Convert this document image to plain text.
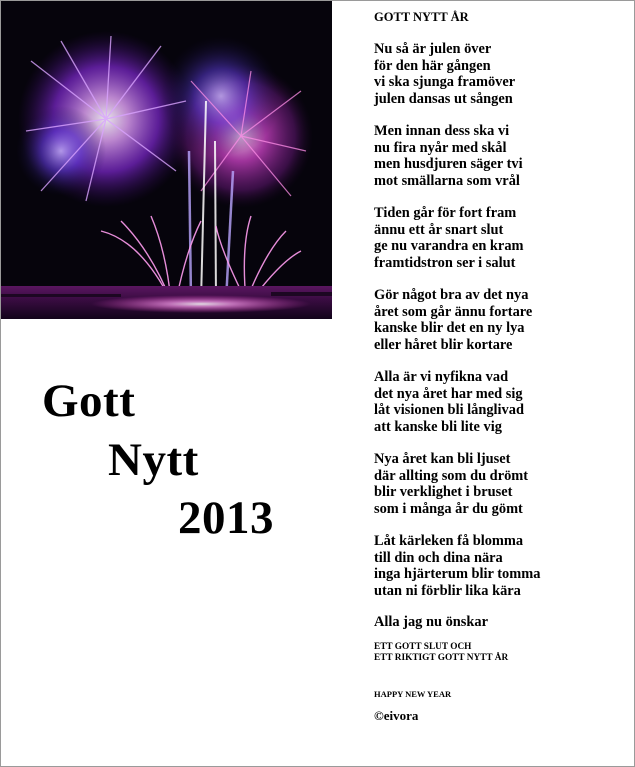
Gott
Nytt
2013
GOTT NYTT ÅR
Nu så är julen över
för den här gången
vi ska sjunga framöver
julen dansas ut sången
Men innan dess ska vi
nu fira nyår med skål
men husdjuren säger tvi
mot smällarna som vrål
Tiden går för fort fram
ännu ett år snart slut
ge nu varandra en kram
framtidstron ser i salut
Gör något bra av det nya
året som går ännu fortare
kanske blir det en ny lya
eller håret blir kortare
Alla är vi nyfikna vad
det nya året har med sig
låt visionen bli långlivad
att kanske bli lite vig
Nya året kan bli ljuset
där allting som du drömt
blir verklighet i bruset
som i många år du gömt
Låt kärleken få blomma
till din och dina nära
inga hjärterum blir tomma
utan ni förblir lika kära
Alla jag nu önskar
ETT GOTT SLUT OCH
ETT RIKTIGT GOTT NYTT ÅR
HAPPY NEW YEAR
©eivora
